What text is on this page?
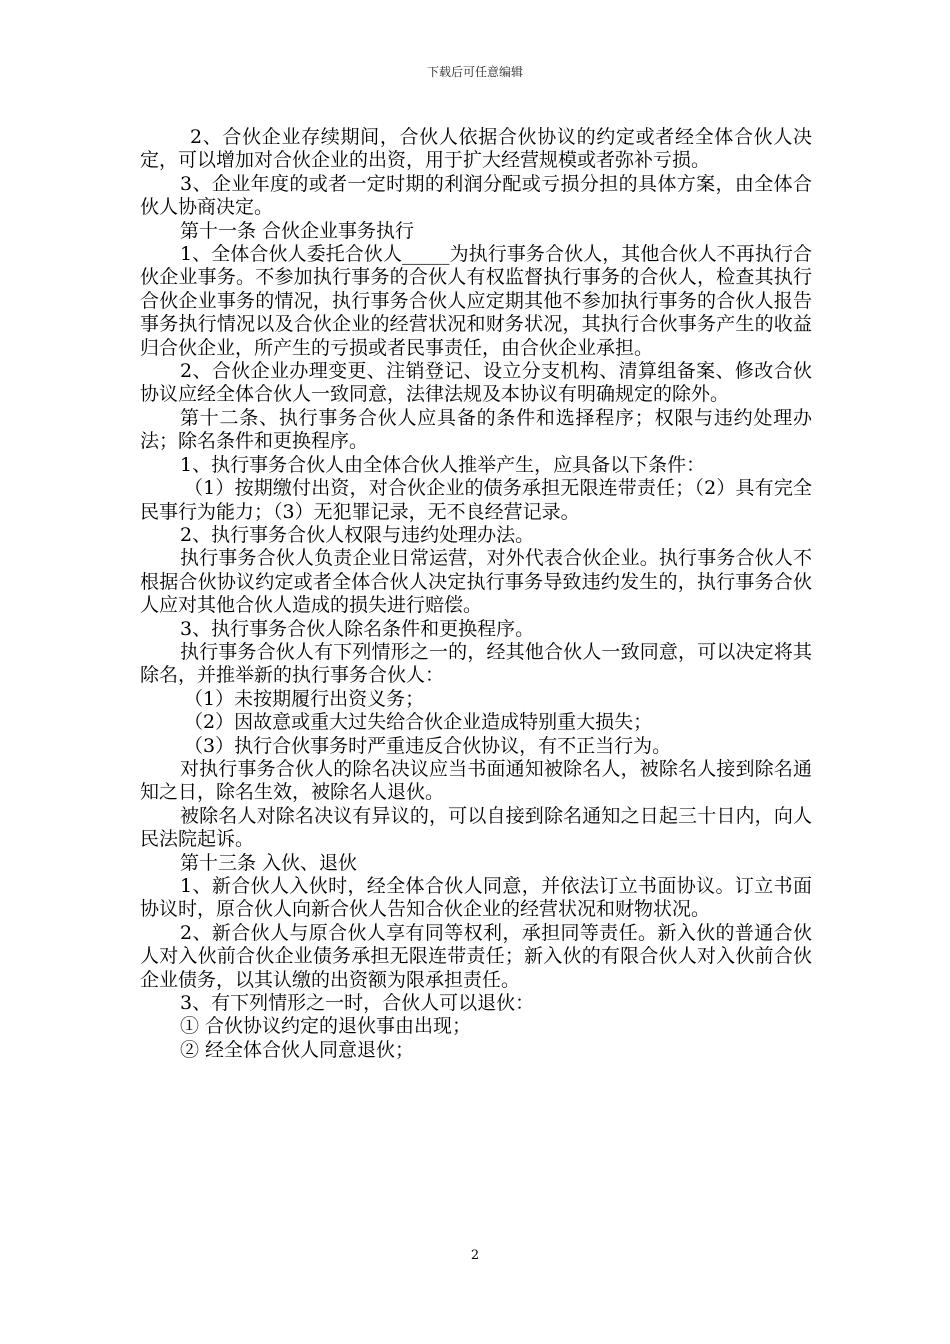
下载后可任意编辑

2、合伙企业存续期间，合伙人依据合伙协议的约定或者经全体合伙人决定，可以增加对合伙企业的出资，用于扩大经营规模或者弥补亏损。

3、企业年度的或者一定时期的利润分配或亏损分担的具体方案，由全体合伙人协商决定。

第十一条 合伙企业事务执行

1、全体合伙人委托合伙人_____为执行事务合伙人，其他合伙人不再执行合伙企业事务。不参加执行事务的合伙人有权监督执行事务的合伙人，检查其执行合伙企业事务的情况，执行事务合伙人应定期其他不参加执行事务的合伙人报告事务执行情况以及合伙企业的经营状况和财务状况，其执行合伙事务产生的收益归合伙企业，所产生的亏损或者民事责任，由合伙企业承担。

2、合伙企业办理变更、注销登记、设立分支机构、清算组备案、修改合伙协议应经全体合伙人一致同意，法律法规及本协议有明确规定的除外。

第十二条、执行事务合伙人应具备的条件和选择程序；权限与违约处理办法；除名条件和更换程序。

1、执行事务合伙人由全体合伙人推举产生，应具备以下条件：

（1）按期缴付出资，对合伙企业的债务承担无限连带责任；（2）具有完全民事行为能力；（3）无犯罪记录，无不良经营记录。

2、执行事务合伙人权限与违约处理办法。

执行事务合伙人负责企业日常运营，对外代表合伙企业。执行事务合伙人不根据合伙协议约定或者全体合伙人决定执行事务导致违约发生的，执行事务合伙人应对其他合伙人造成的损失进行赔偿。

3、执行事务合伙人除名条件和更换程序。

执行事务合伙人有下列情形之一的，经其他合伙人一致同意，可以决定将其除名，并推举新的执行事务合伙人：

（1）未按期履行出资义务；

（2）因故意或重大过失给合伙企业造成特别重大损失；

（3）执行合伙事务时严重违反合伙协议，有不正当行为。

对执行事务合伙人的除名决议应当书面通知被除名人，被除名人接到除名通知之日，除名生效，被除名人退伙。

被除名人对除名决议有异议的，可以自接到除名通知之日起三十日内，向人民法院起诉。

第十三条 入伙、退伙

1、新合伙人入伙时，经全体合伙人同意，并依法订立书面协议。订立书面协议时，原合伙人向新合伙人告知合伙企业的经营状况和财物状况。

2、新合伙人与原合伙人享有同等权利，承担同等责任。新入伙的普通合伙人对入伙前合伙企业债务承担无限连带责任；新入伙的有限合伙人对入伙前合伙企业债务，以其认缴的出资额为限承担责任。

3、有下列情形之一时，合伙人可以退伙：

① 合伙协议约定的退伙事由出现；

② 经全体合伙人同意退伙；

2
